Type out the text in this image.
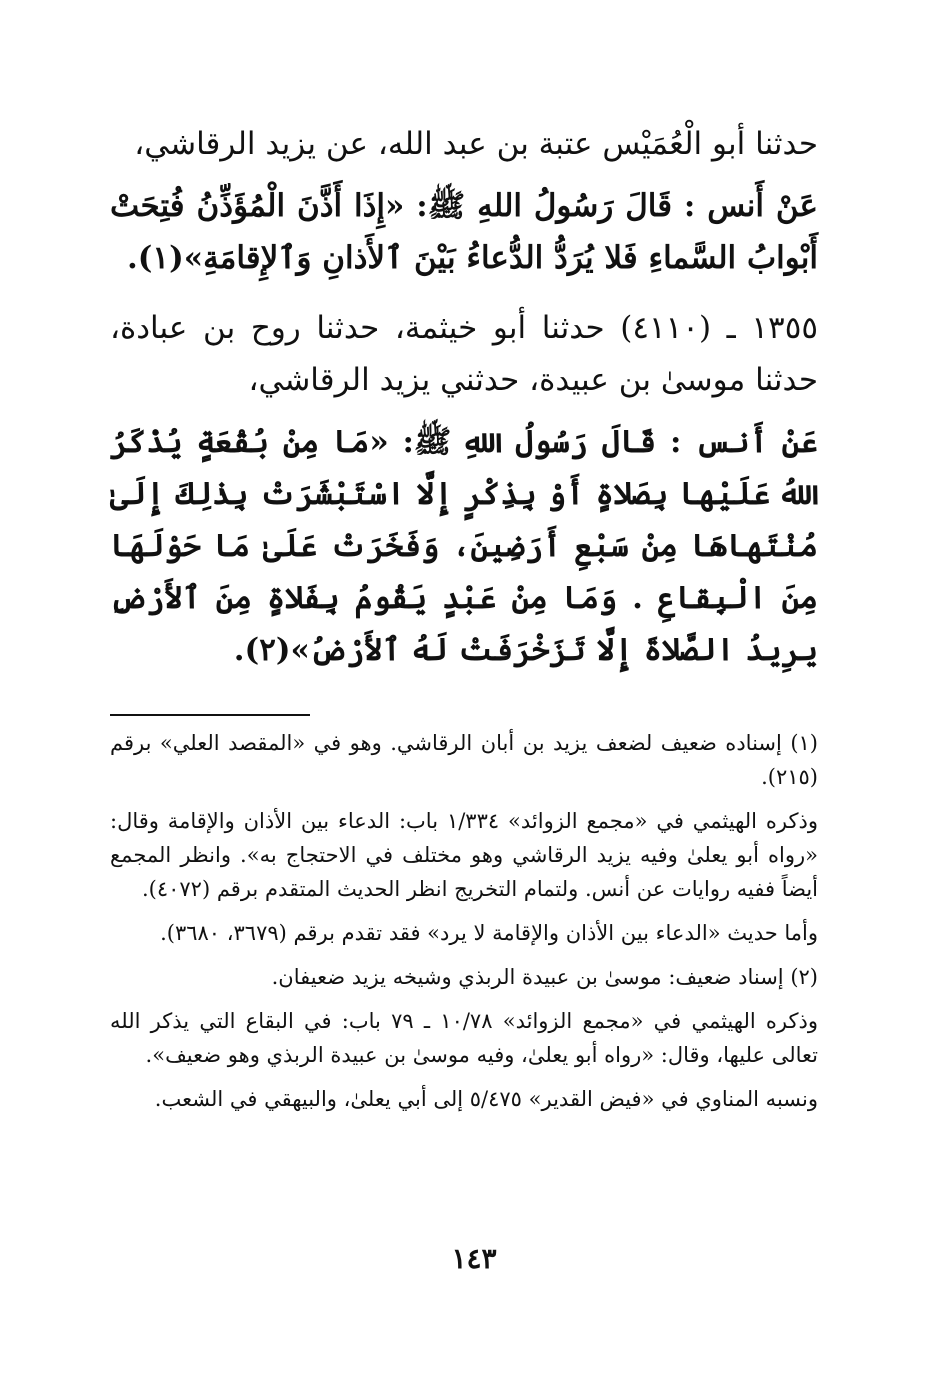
حدثنا أبو الْعُمَيْس عتبة بن عبد الله، عن يزيد الرقاشي،

عَنْ أَنس : قَالَ رَسُولُ اللهِ ﷺ: «إِذَا أَذَّنَ الْمُؤَذِّنُ فُتِحَتْ أَبْوابُ السَّماءِ فَلا يُرَدُّ الدُّعاءُ بَيْنَ ٱلأَذانِ وَٱلإِقامَةِ»(١).

١٣٥٥ ـ (٤١١٠) حدثنا أبو خيثمة، حدثنا روح بن عبادة، حدثنا موسىٰ بن عبيدة، حدثني يزيد الرقاشي،

عَنْ أَنس : قَالَ رَسُولُ اللهِ ﷺ: «مَا مِنْ بُقْعَةٍ يُذْكَرُ اللهُ عَلَيْها بِصَلاةٍ أَوْ بِذِكْرٍ إِلَّا اسْتَبْشَرَتْ بِذٰلِكَ إِلَىٰ مُنْتَهاهَا مِنْ سَبْعِ أَرَضِينَ، وَفَخَرَتْ عَلَىٰ مَا حَوْلَهَا مِنَ الْبِقاعِ . وَمَا مِنْ عَبْدٍ يَقُومُ بِفَلاةٍ مِنَ ٱلأَرْضِ يرِيدُ الصَّلاةَ إِلَّا تَزَخْرَفَتْ لَهُ ٱلأَرْضُ»(٢).

(١) إسناده ضعيف لضعف يزيد بن أبان الرقاشي. وهو في «المقصد العلي» برقم (٢١٥).

وذكره الهيثمي في «مجمع الزوائد» ١/٣٣٤ باب: الدعاء بين الأذان والإقامة وقال: «رواه أبو يعلىٰ وفيه يزيد الرقاشي وهو مختلف في الاحتجاج به». وانظر المجمع أيضاً ففيه روايات عن أنس. ولتمام التخريج انظر الحديث المتقدم برقم (٤٠٧٢).

وأما حديث «الدعاء بين الأذان والإقامة لا يرد» فقد تقدم برقم (٣٦٧٩، ٣٦٨٠).

(٢) إسناد ضعيف: موسىٰ بن عبيدة الربذي وشيخه يزيد ضعيفان.

وذكره الهيثمي في «مجمع الزوائد» ١٠/٧٨ ـ ٧٩ باب: في البقاع التي يذكر الله تعالى عليها، وقال: «رواه أبو يعلىٰ، وفيه موسىٰ بن عبيدة الربذي وهو ضعيف».

ونسبه المناوي في «فيض القدير» ٥/٤٧٥ إلى أبي يعلىٰ، والبيهقي في الشعب.

١٤٣
